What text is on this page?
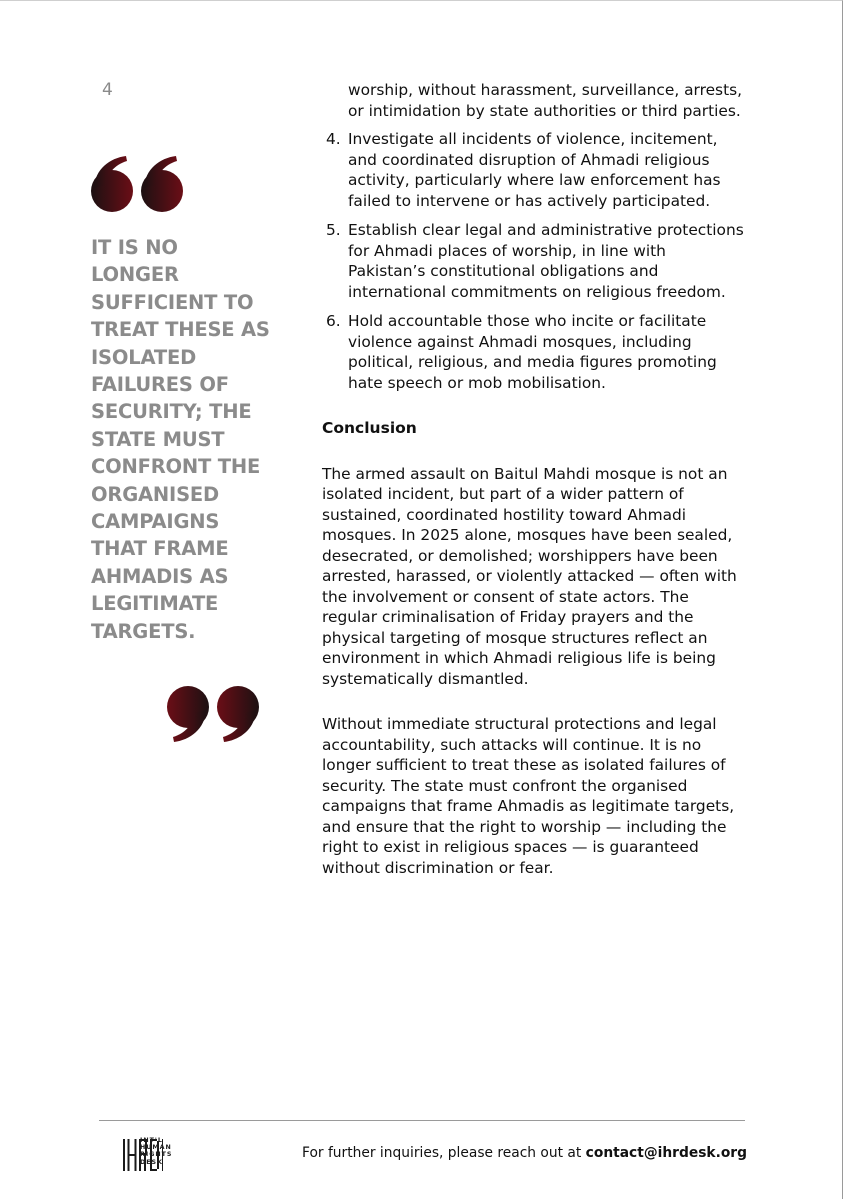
4

IT IS NO LONGER SUFFICIENT TO TREAT THESE AS ISOLATED FAILURES OF SECURITY; THE STATE MUST CONFRONT THE ORGANISED CAMPAIGNS THAT FRAME AHMADIS AS LEGITIMATE TARGETS.

worship, without harassment, surveillance, arrests, or intimidation by state authorities or third parties.

4. Investigate all incidents of violence, incitement, and coordinated disruption of Ahmadi religious activity, particularly where law enforcement has failed to intervene or has actively participated.
5. Establish clear legal and administrative protections for Ahmadi places of worship, in line with Pakistan’s constitutional obligations and international commitments on religious freedom.
6. Hold accountable those who incite or facilitate violence against Ahmadi mosques, including political, religious, and media figures promoting hate speech or mob mobilisation.

Conclusion

The armed assault on Baitul Mahdi mosque is not an isolated incident, but part of a wider pattern of sustained, coordinated hostility toward Ahmadi mosques. In 2025 alone, mosques have been sealed, desecrated, or demolished; worshippers have been arrested, harassed, or violently attacked — often with the involvement or consent of state actors. The regular criminalisation of Friday prayers and the physical targeting of mosque structures reflect an environment in which Ahmadi religious life is being systematically dismantled.

Without immediate structural protections and legal accountability, such attacks will continue. It is no longer sufficient to treat these as isolated failures of security. The state must confront the organised campaigns that frame Ahmadis as legitimate targets, and ensure that the right to worship — including the right to exist in religious spaces — is guaranteed without discrimination or fear.

INT'L
HUMAN
RIGHTS
DESK
For further inquiries, please reach out at contact@ihrdesk.org
